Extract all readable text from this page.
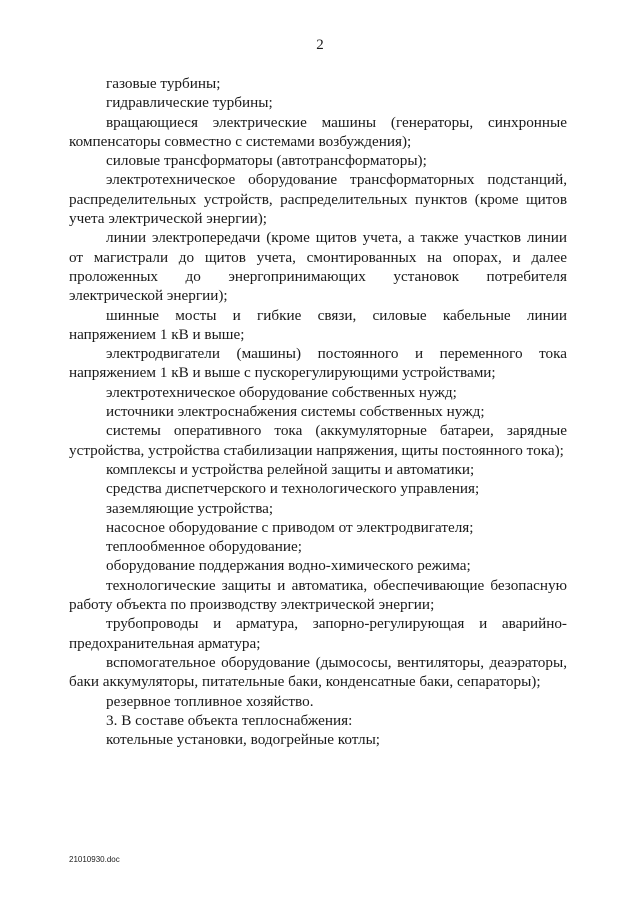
2

газовые турбины;

гидравлические турбины;

вращающиеся электрические машины (генераторы, синхронные компенсаторы совместно с системами возбуждения);

силовые трансформаторы (автотрансформаторы);

электротехническое оборудование трансформаторных подстанций, распределительных устройств, распределительных пунктов (кроме щитов учета электрической энергии);

линии электропередачи (кроме щитов учета, а также участков линии от магистрали до щитов учета, смонтированных на опорах, и далее проложенных до энергопринимающих установок потребителя электрической энергии);

шинные мосты и гибкие связи, силовые кабельные линии напряжением 1 кВ и выше;

электродвигатели (машины) постоянного и переменного тока напряжением 1 кВ и выше с пускорегулирующими устройствами;

электротехническое оборудование собственных нужд;

источники электроснабжения системы собственных нужд;

системы оперативного тока (аккумуляторные батареи, зарядные устройства, устройства стабилизации напряжения, щиты постоянного тока);

комплексы и устройства релейной защиты и автоматики;

средства диспетчерского и технологического управления;

заземляющие устройства;

насосное оборудование с приводом от электродвигателя;

теплообменное оборудование;

оборудование поддержания водно-химического режима;

технологические защиты и автоматика, обеспечивающие безопасную работу объекта по производству электрической энергии;

трубопроводы и арматура, запорно-регулирующая и аварийно-предохранительная арматура;

вспомогательное оборудование (дымососы, вентиляторы, деаэраторы, баки аккумуляторы, питательные баки, конденсатные баки, сепараторы);

резервное топливное хозяйство.

3. В составе объекта теплоснабжения:

котельные установки, водогрейные котлы;

21010930.doc
